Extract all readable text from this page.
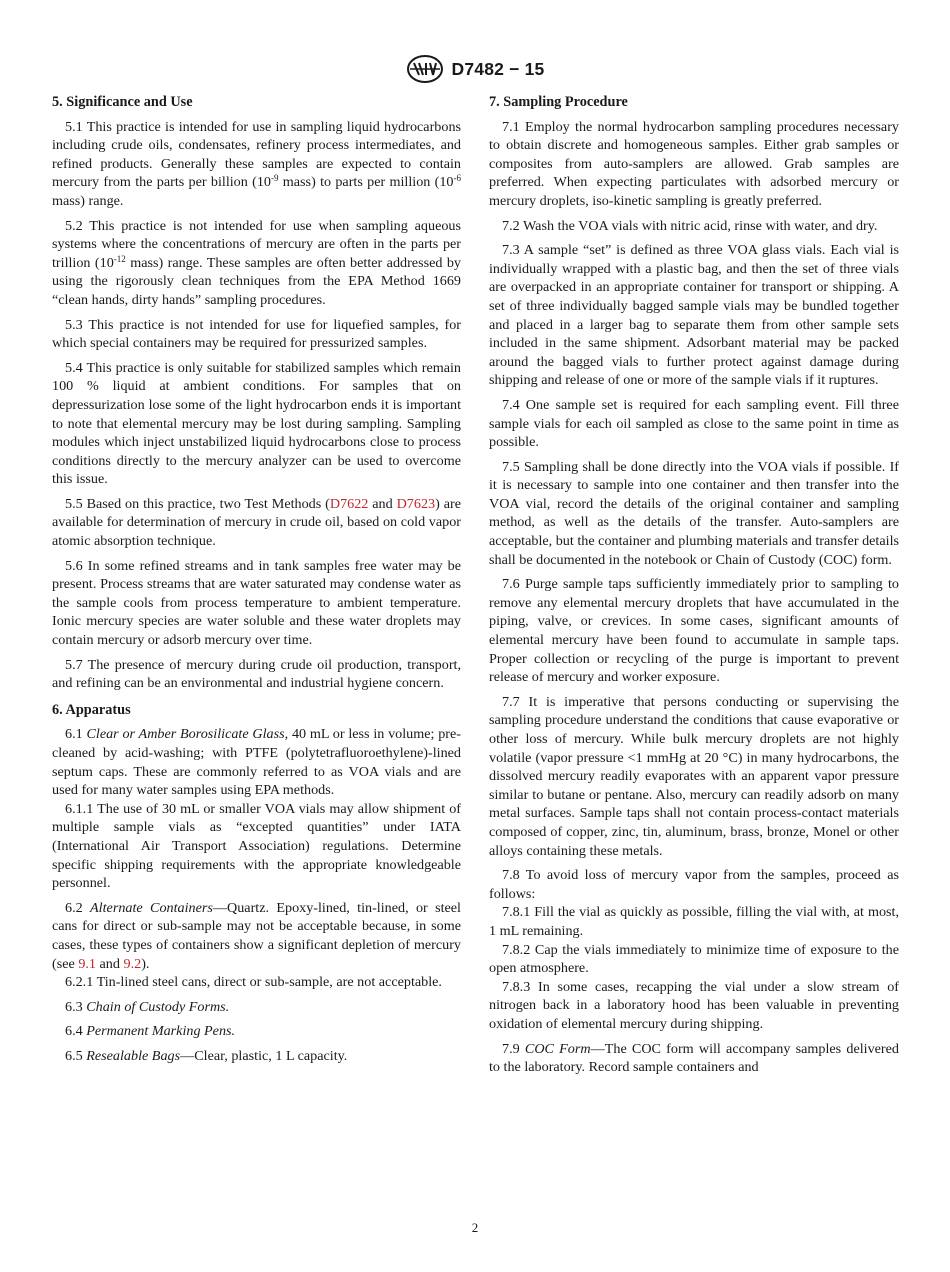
D7482 − 15
5. Significance and Use

5.1 This practice is intended for use in sampling liquid hydrocarbons including crude oils, condensates, refinery process intermediates, and refined products. Generally these samples are expected to contain mercury from the parts per billion ($10^{-9}$ mass) to parts per million ($10^{-6}$ mass) range.

5.2 This practice is not intended for use when sampling aqueous systems where the concentrations of mercury are often in the parts per trillion ($10^{-12}$ mass) range. These samples are often better addressed by using the rigorously clean techniques from the EPA Method 1669 “clean hands, dirty hands” sampling procedures.

5.3 This practice is not intended for use for liquefied samples, for which special containers may be required for pressurized samples.

5.4 This practice is only suitable for stabilized samples which remain 100 % liquid at ambient conditions. For samples that on depressurization lose some of the light hydrocarbon ends it is important to note that elemental mercury may be lost during sampling. Sampling modules which inject unstabilized liquid hydrocarbons close to process conditions directly to the mercury analyzer can be used to overcome this issue.

5.5 Based on this practice, two Test Methods (D7622 and D7623) are available for determination of mercury in crude oil, based on cold vapor atomic absorption technique.

5.6 In some refined streams and in tank samples free water may be present. Process streams that are water saturated may condense water as the sample cools from process temperature to ambient temperature. Ionic mercury species are water soluble and these water droplets may contain mercury or adsorb mercury over time.

5.7 The presence of mercury during crude oil production, transport, and refining can be an environmental and industrial hygiene concern.

6. Apparatus

6.1 Clear or Amber Borosilicate Glass, 40 mL or less in volume; pre-cleaned by acid-washing; with PTFE (polytetrafluoroethylene)-lined septum caps. These are commonly referred to as VOA vials and are used for many water samples using EPA methods.

6.1.1 The use of 30 mL or smaller VOA vials may allow shipment of multiple sample vials as “excepted quantities” under IATA (International Air Transport Association) regulations. Determine specific shipping requirements with the appropriate knowledgeable personnel.

6.2 Alternate Containers—Quartz. Epoxy-lined, tin-lined, or steel cans for direct or sub-sample may not be acceptable because, in some cases, these types of containers show a significant depletion of mercury (see 9.1 and 9.2).

6.2.1 Tin-lined steel cans, direct or sub-sample, are not acceptable.

6.3 Chain of Custody Forms.

6.4 Permanent Marking Pens.

6.5 Resealable Bags—Clear, plastic, 1 L capacity.

7. Sampling Procedure

7.1 Employ the normal hydrocarbon sampling procedures necessary to obtain discrete and homogeneous samples. Either grab samples or composites from auto-samplers are allowed. Grab samples are preferred. When expecting particulates with adsorbed mercury or mercury droplets, iso-kinetic sampling is greatly preferred.

7.2 Wash the VOA vials with nitric acid, rinse with water, and dry.

7.3 A sample “set” is defined as three VOA glass vials. Each vial is individually wrapped with a plastic bag, and then the set of three vials are overpacked in an appropriate container for transport or shipping. A set of three individually bagged sample vials may be bundled together and placed in a larger bag to separate them from other sample sets included in the same shipment. Adsorbant material may be packed around the bagged vials to further protect against damage during shipping and release of one or more of the sample vials if it ruptures.

7.4 One sample set is required for each sampling event. Fill three sample vials for each oil sampled as close to the same point in time as possible.

7.5 Sampling shall be done directly into the VOA vials if possible. If it is necessary to sample into one container and then transfer into the VOA vial, record the details of the original container and sampling method, as well as the details of the transfer. Auto-samplers are acceptable, but the container and plumbing materials and transfer details shall be documented in the notebook or Chain of Custody (COC) form.

7.6 Purge sample taps sufficiently immediately prior to sampling to remove any elemental mercury droplets that have accumulated in the piping, valve, or crevices. In some cases, significant amounts of elemental mercury have been found to accumulate in sample taps. Proper collection or recycling of the purge is important to prevent release of mercury and worker exposure.

7.7 It is imperative that persons conducting or supervising the sampling procedure understand the conditions that cause evaporative or other loss of mercury. While bulk mercury droplets are not highly volatile (vapor pressure <1 mmHg at 20 °C) in many hydrocarbons, the dissolved mercury readily evaporates with an apparent vapor pressure similar to butane or pentane. Also, mercury can readily adsorb on many metal surfaces. Sample taps shall not contain process-contact materials composed of copper, zinc, tin, aluminum, brass, bronze, Monel or other alloys containing these metals.

7.8 To avoid loss of mercury vapor from the samples, proceed as follows:

7.8.1 Fill the vial as quickly as possible, filling the vial with, at most, 1 mL remaining.

7.8.2 Cap the vials immediately to minimize time of exposure to the open atmosphere.

7.8.3 In some cases, recapping the vial under a slow stream of nitrogen back in a laboratory hood has been valuable in preventing oxidation of elemental mercury during shipping.

7.9 COC Form—The COC form will accompany samples delivered to the laboratory. Record sample containers and

2
